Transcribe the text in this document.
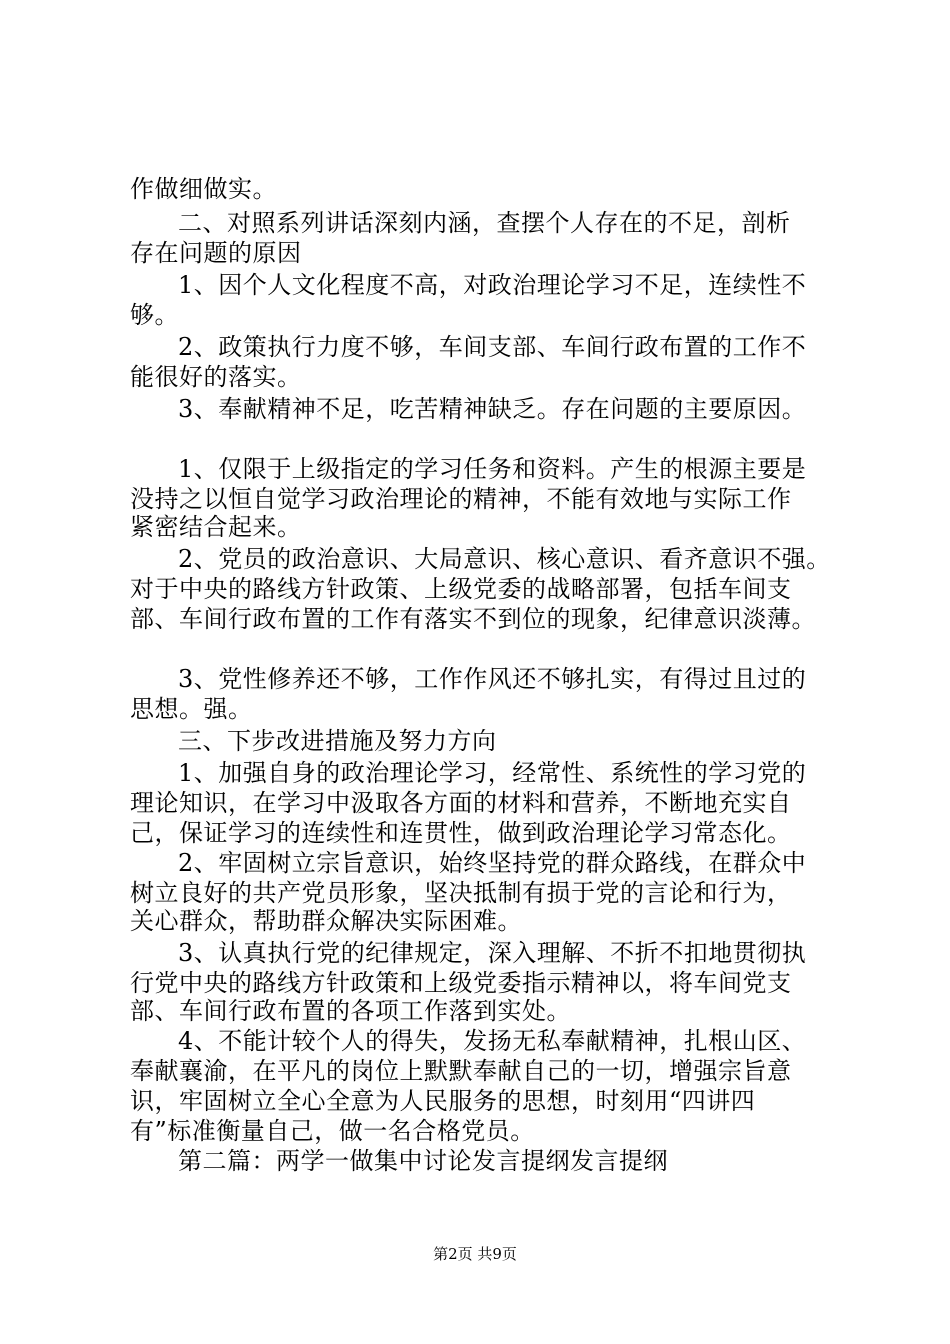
作做细做实。
二、对照系列讲话深刻内涵，查摆个人存在的不足，剖析
存在问题的原因
1、因个人文化程度不高，对政治理论学习不足，连续性不
够。
2、政策执行力度不够，车间支部、车间行政布置的工作不
能很好的落实。
3、奉献精神不足，吃苦精神缺乏。存在问题的主要原因。
1、仅限于上级指定的学习任务和资料。产生的根源主要是
没持之以恒自觉学习政治理论的精神，不能有效地与实际工作
紧密结合起来。
2、党员的政治意识、大局意识、核心意识、看齐意识不强。
对于中央的路线方针政策、上级党委的战略部署，包括车间支
部、车间行政布置的工作有落实不到位的现象，纪律意识淡薄。
3、党性修养还不够，工作作风还不够扎实，有得过且过的
思想。强。
三、下步改进措施及努力方向
1、加强自身的政治理论学习，经常性、系统性的学习党的
理论知识，在学习中汲取各方面的材料和营养，不断地充实自
己，保证学习的连续性和连贯性，做到政治理论学习常态化。
2、牢固树立宗旨意识，始终坚持党的群众路线，在群众中
树立良好的共产党员形象，坚决抵制有损于党的言论和行为，
关心群众，帮助群众解决实际困难。
3、认真执行党的纪律规定，深入理解、不折不扣地贯彻执
行党中央的路线方针政策和上级党委指示精神以，将车间党支
部、车间行政布置的各项工作落到实处。
4、不能计较个人的得失，发扬无私奉献精神，扎根山区、
奉献襄渝，在平凡的岗位上默默奉献自己的一切，增强宗旨意
识，牢固树立全心全意为人民服务的思想，时刻用“四讲四
有”标准衡量自己，做一名合格党员。
第二篇：两学一做集中讨论发言提纲发言提纲
第2页 共9页
